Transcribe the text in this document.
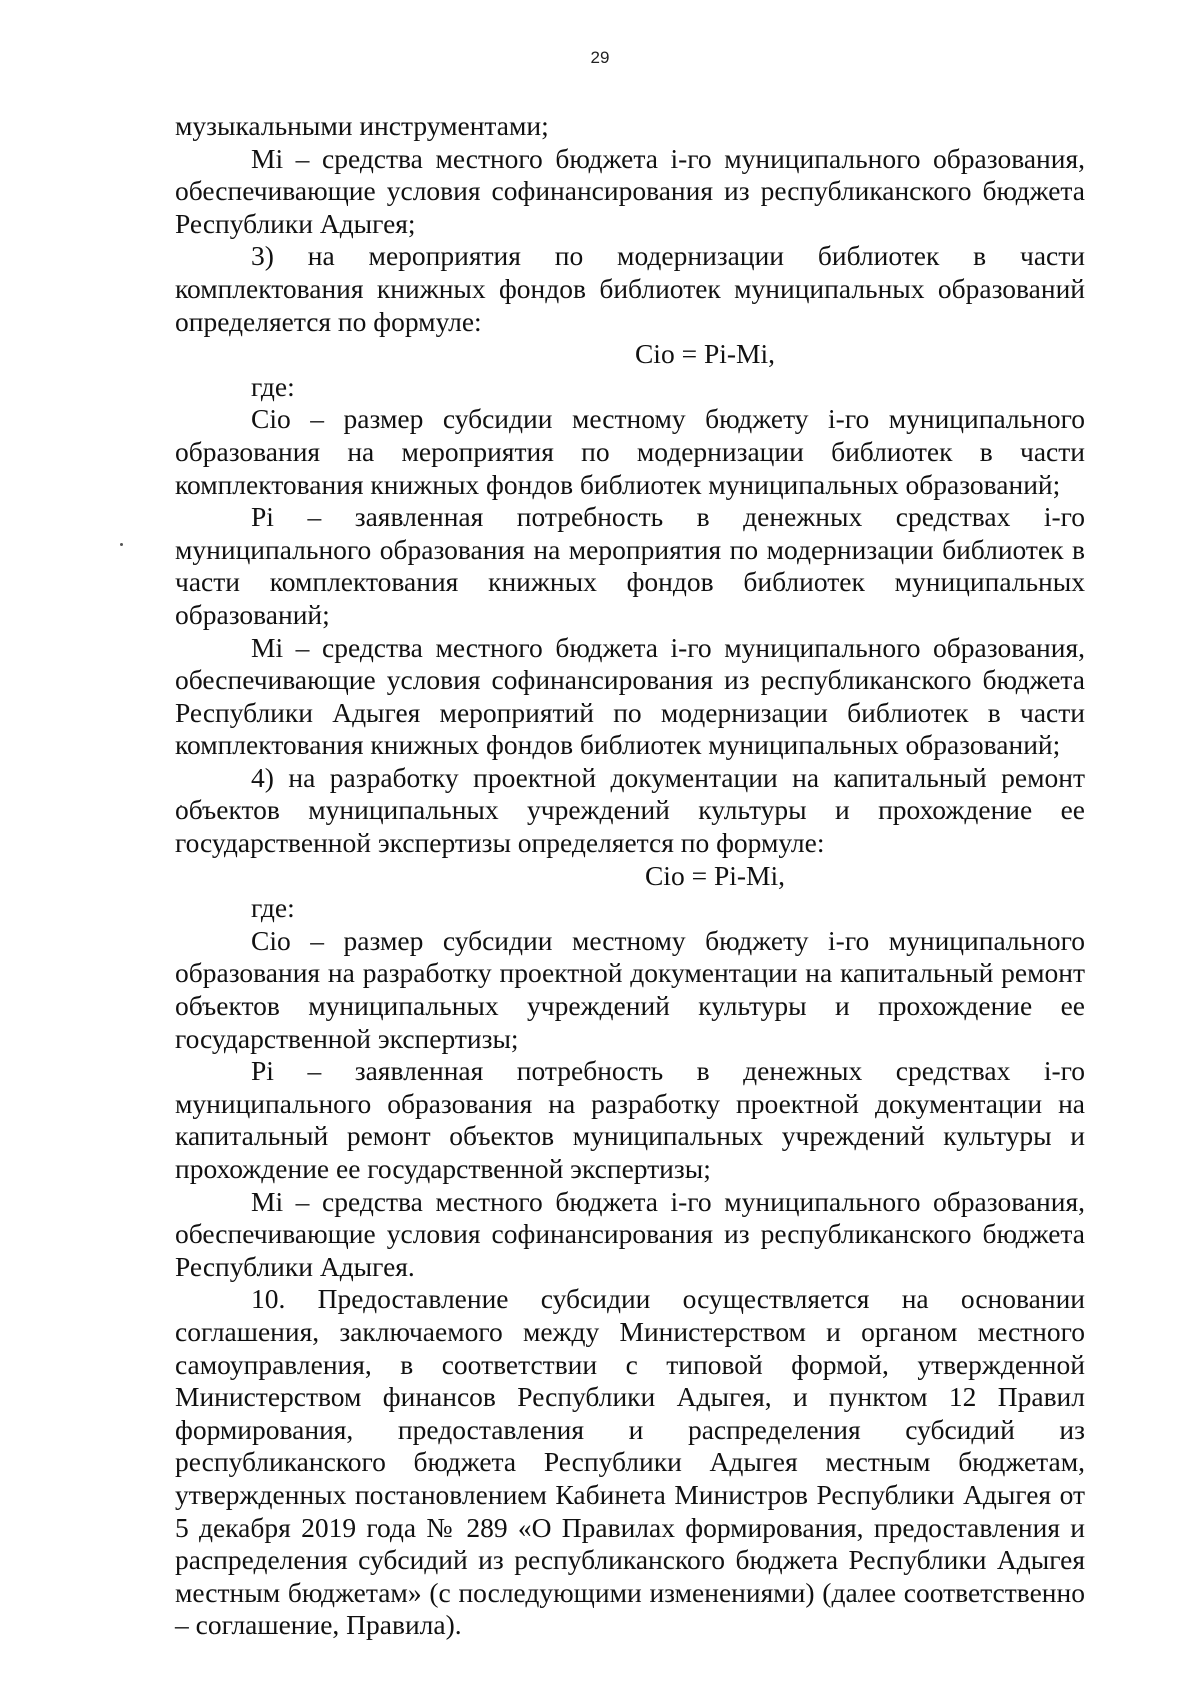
29

музыкальными инструментами;

Mi – средства местного бюджета i-го муниципального образования, обеспечивающие условия софинансирования из республиканского бюджета Республики Адыгея;

3) на мероприятия по модернизации библиотек в части комплектования книжных фондов библиотек муниципальных образований определяется по формуле:

Cio = Pi-Mi,

где:

Cio – размер субсидии местному бюджету i-го муниципального образования на мероприятия по модернизации библиотек в части комплектования книжных фондов библиотек муниципальных образований;

Pi – заявленная потребность в денежных средствах i-го муниципального образования на мероприятия по модернизации библиотек в части комплектования книжных фондов библиотек муниципальных образований;

Mi – средства местного бюджета i-го муниципального образования, обеспечивающие условия софинансирования из республиканского бюджета Республики Адыгея мероприятий по модернизации библиотек в части комплектования книжных фондов библиотек муниципальных образований;

4) на разработку проектной документации на капитальный ремонт объектов муниципальных учреждений культуры и прохождение ее государственной экспертизы определяется по формуле:

Cio = Pi-Mi,

где:

Cio – размер субсидии местному бюджету i-го муниципального образования на разработку проектной документации на капитальный ремонт объектов муниципальных учреждений культуры и прохождение ее государственной экспертизы;

Pi – заявленная потребность в денежных средствах i-го муниципального образования на разработку проектной документации на капитальный ремонт объектов муниципальных учреждений культуры и прохождение ее государственной экспертизы;

Mi – средства местного бюджета i-го муниципального образования, обеспечивающие условия софинансирования из республиканского бюджета Республики Адыгея.

10. Предоставление субсидии осуществляется на основании соглашения, заключаемого между Министерством и органом местного самоуправления, в соответствии с типовой формой, утвержденной Министерством финансов Республики Адыгея, и пунктом 12 Правил формирования, предоставления и распределения субсидий из республиканского бюджета Республики Адыгея местным бюджетам, утвержденных постановлением Кабинета Министров Республики Адыгея от 5 декабря 2019 года № 289 «О Правилах формирования, предоставления и распределения субсидий из республиканского бюджета Республики Адыгея местным бюджетам» (с последующими изменениями) (далее соответственно – соглашение, Правила).
